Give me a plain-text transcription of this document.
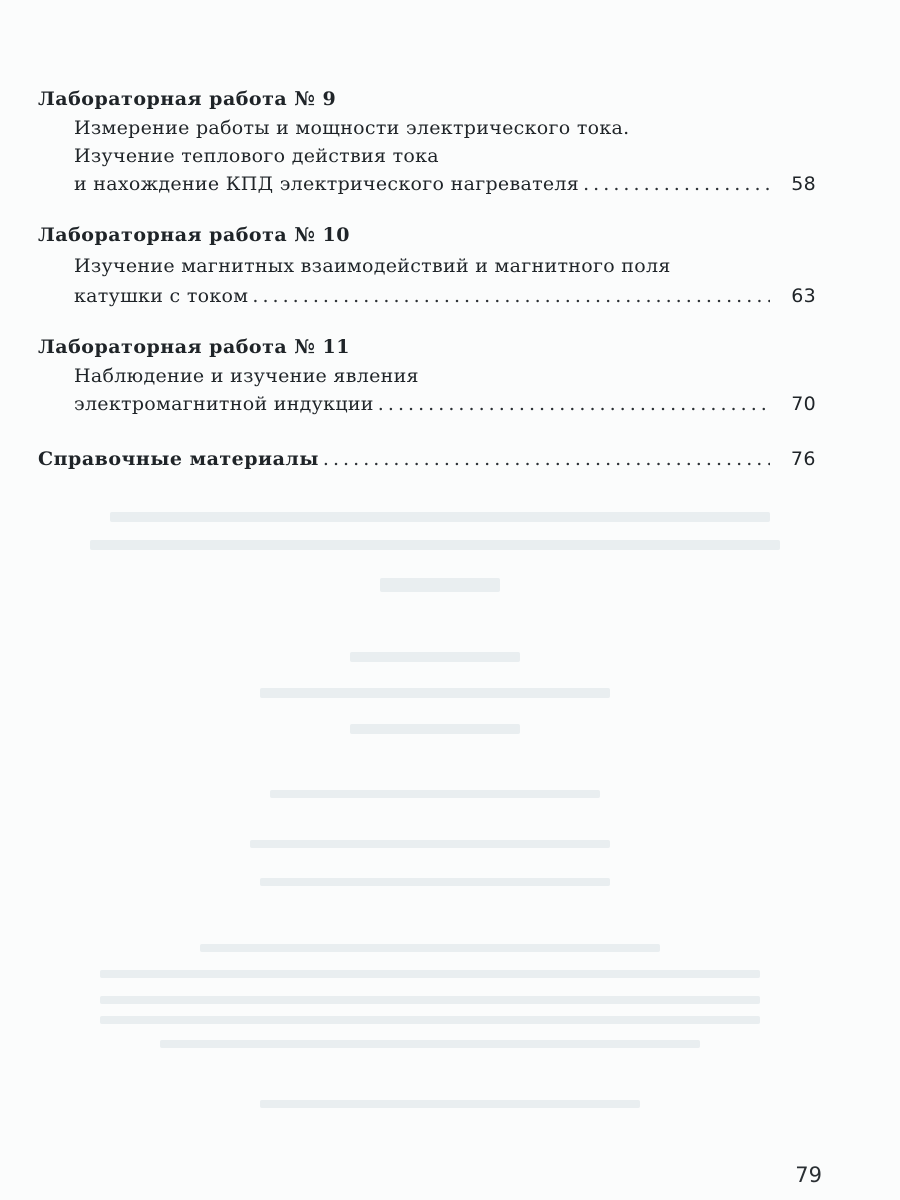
Лабораторная работа № 9
Измерение работы и мощности электрического тока.
Изучение теплового действия тока
и нахождение КПД электрического нагревателя . . .	58
Лабораторная работа № 10
Изучение магнитных взаимодействий и магнитного поля
катушки с током . . .	63
Лабораторная работа № 11
Наблюдение и изучение явления
электромагнитной индукции . . .	70
Справочные материалы . . .	76
79
